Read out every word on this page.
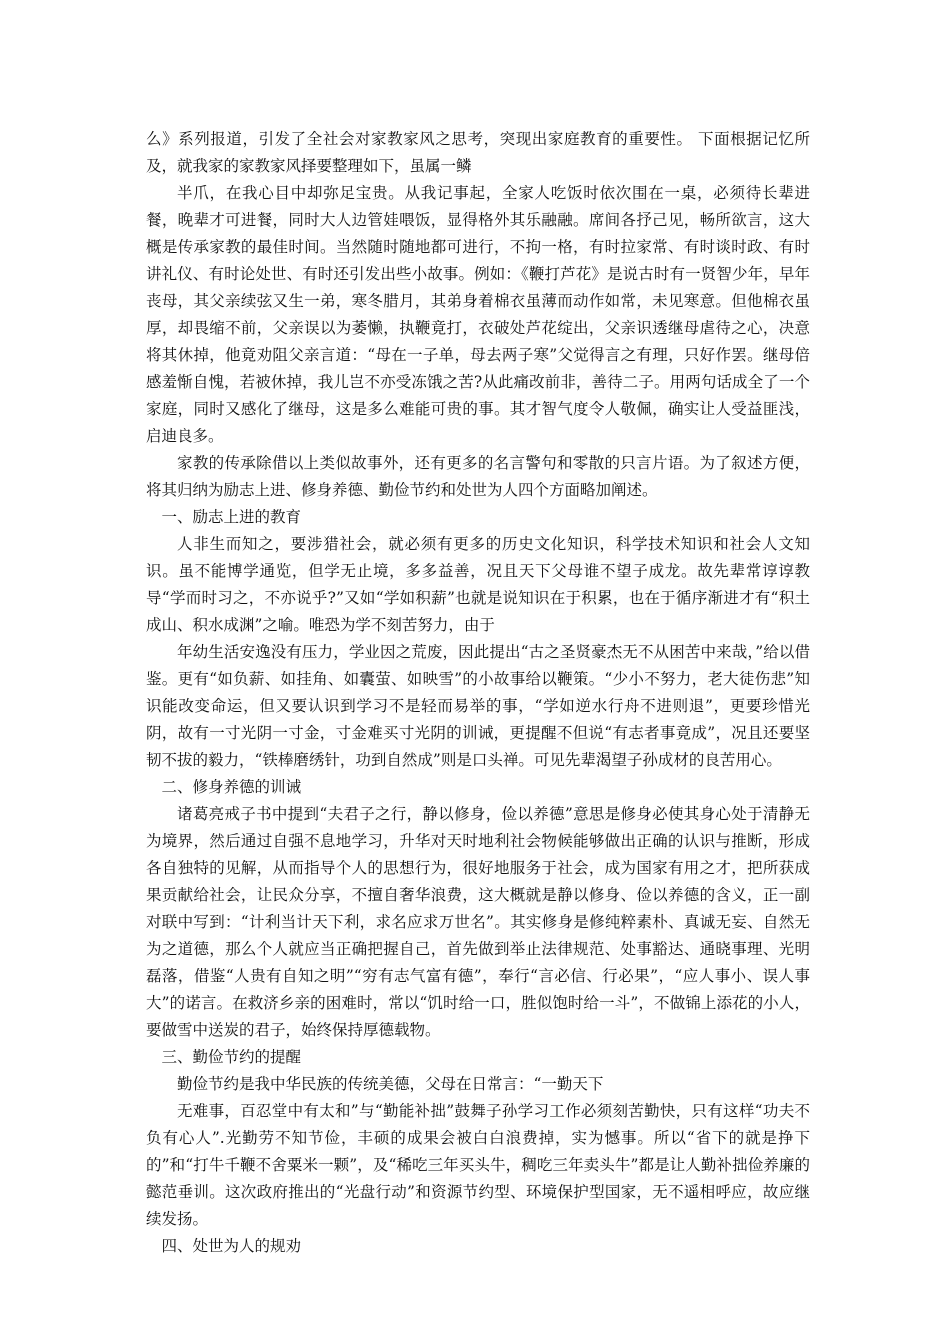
么》系列报道，引发了全社会对家教家风之思考，突现出家庭教育的重要性。 下面根据记忆所及，就我家的家教家风择要整理如下，虽属一鳞

半爪，在我心目中却弥足宝贵。从我记事起，全家人吃饭时依次围在一桌，必须待长辈进餐，晚辈才可进餐，同时大人边管娃喂饭，显得格外其乐融融。席间各抒己见，畅所欲言，这大概是传承家教的最佳时间。当然随时随地都可进行，不拘一格，有时拉家常、有时谈时政、有时讲礼仪、有时论处世、有时还引发出些小故事。例如：《鞭打芦花》是说古时有一贤智少年，早年丧母，其父亲续弦又生一弟，寒冬腊月，其弟身着棉衣虽薄而动作如常，未见寒意。但他棉衣虽厚，却畏缩不前，父亲误以为萎懒，执鞭竟打，衣破处芦花绽出，父亲识透继母虐待之心，决意将其休掉，他竟劝阻父亲言道：“母在一子单，母去两子寒”父觉得言之有理，只好作罢。继母倍感羞惭自愧，若被休掉，我儿岂不亦受冻饿之苦?从此痛改前非，善待二子。用两句话成全了一个家庭，同时又感化了继母，这是多么难能可贵的事。其才智气度令人敬佩，确实让人受益匪浅，启迪良多。

家教的传承除借以上类似故事外，还有更多的名言警句和零散的只言片语。为了叙述方便，将其归纳为励志上进、修身养德、勤俭节约和处世为人四个方面略加阐述。

一、励志上进的教育

人非生而知之，要涉猎社会，就必须有更多的历史文化知识，科学技术知识和社会人文知识。虽不能博学通览，但学无止境，多多益善，况且天下父母谁不望子成龙。故先辈常谆谆教导“学而时习之，不亦说乎?”又如“学如积薪”也就是说知识在于积累，也在于循序渐进才有“积土成山、积水成渊”之喻。唯恐为学不刻苦努力，由于

年幼生活安逸没有压力，学业因之荒废，因此提出“古之圣贤豪杰无不从困苦中来哉，”给以借鉴。更有“如负薪、如挂角、如囊萤、如映雪”的小故事给以鞭策。“少小不努力，老大徒伤悲”知识能改变命运，但又要认识到学习不是轻而易举的事，“学如逆水行舟不进则退”，更要珍惜光阴，故有一寸光阴一寸金，寸金难买寸光阴的训诫，更提醒不但说“有志者事竟成”，况且还要坚韧不拔的毅力，“铁棒磨绣针，功到自然成”则是口头禅。可见先辈渴望子孙成材的良苦用心。

二、修身养德的训诫

诸葛亮戒子书中提到“夫君子之行，静以修身，俭以养德”意思是修身必使其身心处于清静无为境界，然后通过自强不息地学习，升华对天时地利社会物候能够做出正确的认识与推断，形成各自独特的见解，从而指导个人的思想行为，很好地服务于社会，成为国家有用之才，把所获成果贡献给社会，让民众分享，不擅自奢华浪费，这大概就是静以修身、俭以养德的含义，正一副对联中写到：“计利当计天下利，求名应求万世名”。其实修身是修纯粹素朴、真诚无妄、自然无为之道德，那么个人就应当正确把握自己，首先做到举止法律规范、处事豁达、通晓事理、光明磊落，借鉴“人贵有自知之明”“穷有志气富有德”，奉行“言必信、行必果”，“应人事小、误人事大”的诺言。在救济乡亲的困难时，常以“饥时给一口，胜似饱时给一斗”，不做锦上添花的小人，要做雪中送炭的君子，始终保持厚德载物。

三、勤俭节约的提醒

勤俭节约是我中华民族的传统美德，父母在日常言：“一勤天下

无难事，百忍堂中有太和”与“勤能补拙”鼓舞子孙学习工作必须刻苦勤快，只有这样“功夫不负有心人”.光勤劳不知节俭，丰硕的成果会被白白浪费掉，实为憾事。所以“省下的就是挣下的”和“打牛千鞭不舍粟米一颗”，及“稀吃三年买头牛，稠吃三年卖头牛”都是让人勤补拙俭养廉的懿范垂训。这次政府推出的“光盘行动”和资源节约型、环境保护型国家，无不遥相呼应，故应继续发扬。

四、处世为人的规劝
